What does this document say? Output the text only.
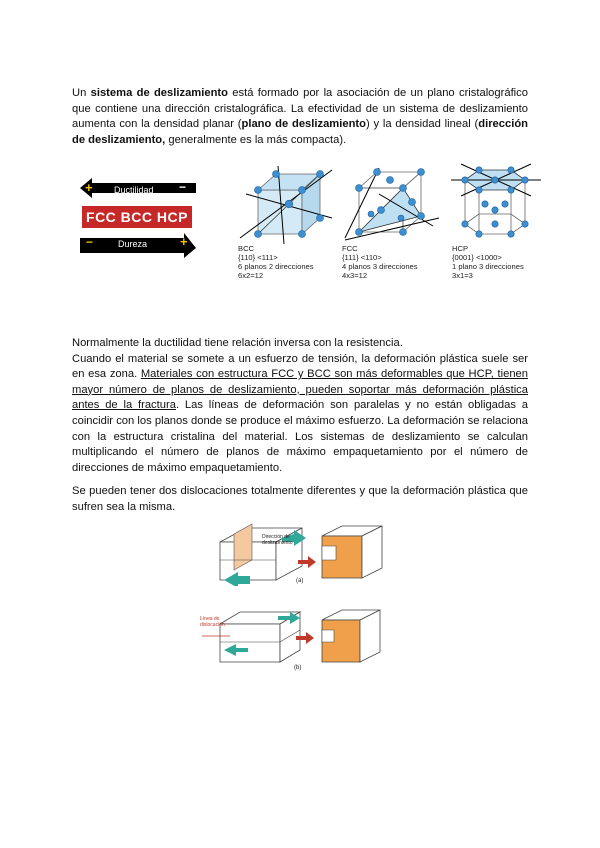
Un sistema de deslizamiento está formado por la asociación de un plano cristalográfico que contiene una dirección cristalográfica. La efectividad de un sistema de deslizamiento aumenta con la densidad planar (plano de deslizamiento) y la densidad lineal (dirección de deslizamiento, generalmente es la más compacta).
+ Ductilidad −
FCC BCC HCP
−	Dureza	+	BCC
{110} <111>
6 planos 2 direcciones
6x2=12
FCC
{111} <110>
4 planos 3 direcciones
4x3=12
HCP
{0001} <1000>
1 plano 3 direcciones
3x1=3
Normalmente la ductilidad tiene relación inversa con la resistencia.
Cuando el material se somete a un esfuerzo de tensión, la deformación plástica suele ser en esa zona. Materiales con estructura FCC y BCC son más deformables que HCP, tienen mayor número de planos de deslizamiento, pueden soportar más deformación plástica antes de la fractura. Las líneas de deformación son paralelas y no están obligadas a coincidir con los planos donde se produce el máximo esfuerzo. La deformación se relaciona con la estructura cristalina del material. Los sistemas de deslizamiento se calculan multiplicando el número de planos de máximo empaquetamiento por el número de direcciones de máximo empaquetamiento.
Se pueden tener dos dislocaciones totalmente diferentes y que la deformación plástica que sufren sea la misma.
Dirección de deslizamiento
(a)
Línea de dislocación
(b)
